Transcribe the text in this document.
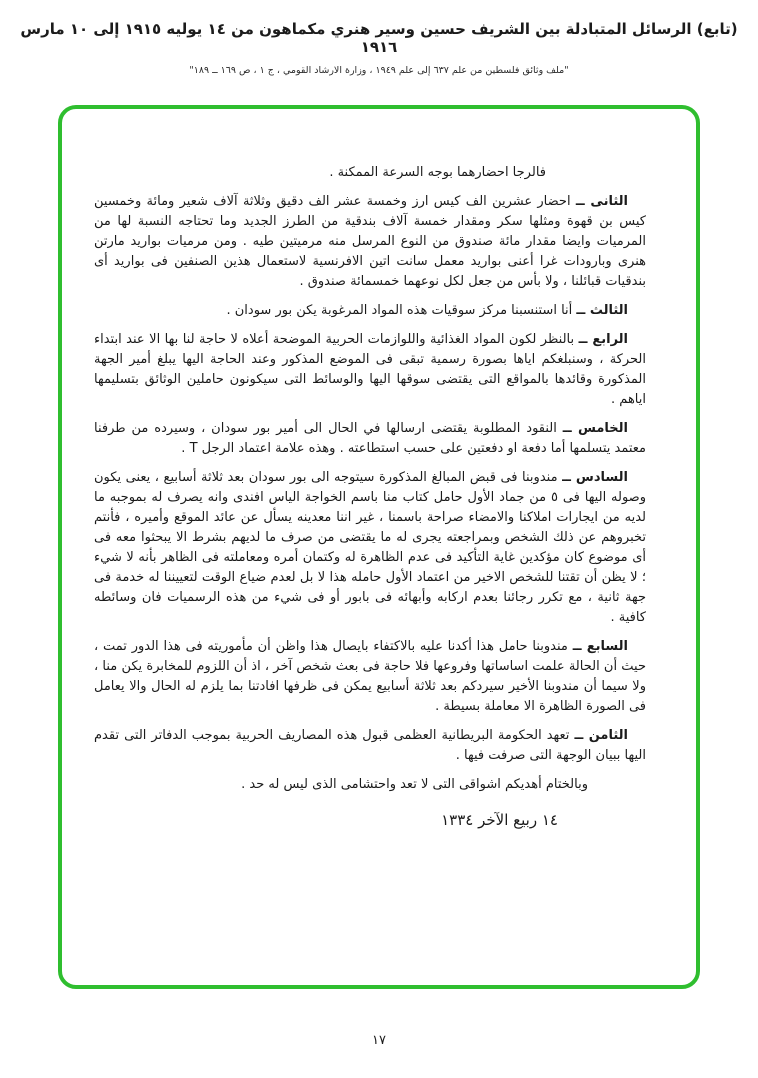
(تابع) الرسائل المتبادلة بين الشريف حسين وسير هنري مكماهون من ١٤ يوليه ١٩١٥ إلى ١٠ مارس ١٩١٦
"ملف وثائق فلسطين من علم ٦٣٧ إلى علم ١٩٤٩ ، وزارة الارشاد القومي ، ج ١ ، ص ١٦٩ ــ ١٨٩"

فالرجا احضارهما بوجه السرعة الممكنة .

الثانى ــ احضار عشرين الف كيس ارز وخمسة عشر الف دقيق وثلاثة آلاف شعير ومائة وخمسين كيس بن قهوة ومثلها سكر ومقدار خمسة آلاف بندقية من الطرز الجديد وما تحتاجه النسبة لها من المرميات وايضا مقدار مائة صندوق من النوع المرسل منه مرميتين طيه . ومن مرميات بواريد مارتن هنرى وبارودات غرا أعنى بواريد معمل سانت اتين الافرنسية لاستعمال هذين الصنفين فى بواريد أى بندقيات قبائلنا ، ولا بأس من جعل لكل نوعهما خمسمائة صندوق .

الثالث ــ أنا استنسبنا مركز سوقيات هذه المواد المرغوبة يكن بور سودان .

الرابع ــ بالنظر لكون المواد الغذائية واللوازمات الحربية الموضحة أعلاه لا حاجة لنا بها الا عند ابتداء الحركة ، وسنبلغكم اياها بصورة رسمية تبقى فى الموضع المذكور وعند الحاجة اليها يبلغ أمير الجهة المذكورة وقائدها بالمواقع التى يقتضى سوقها اليها والوسائط التى سيكونون حاملين الوثائق بتسليمها اياهم .

الخامس ــ النقود المطلوبة يقتضى ارسالها في الحال الى أمير بور سودان ، وسيرده من طرفنا معتمد يتسلمها أما دفعة او دفعتين على حسب استطاعته . وهذه علامة اعتماد الرجل T .

السادس ــ مندوبنا فى قبض المبالغ المذكورة سيتوجه الى بور سودان بعد ثلاثة أسابيع ، يعنى يكون وصوله اليها فى ٥ من جماد الأول حامل كتاب منا باسم الخواجة الياس افندى وانه يصرف له بموجبه ما لديه من ايجارات املاكنا والامضاء صراحة باسمنا ، غير اننا معدينه يسأل عن عائد الموقع وأميره ، فأنتم تخبروهم عن ذلك الشخص وبمراجعته يجرى له ما يقتضى من صرف ما لديهم بشرط الا يبحثوا معه فى أى موضوع كان مؤكدين غاية التأكيد فى عدم الظاهرة له وكتمان أمره ومعاملته فى الظاهر بأنه لا شيء ؛ لا يظن أن تقتنا للشخص الاخير من اعتماد الأول حامله هذا لا بل لعدم ضياع الوقت لتعييننا له خدمة فى جهة ثانية ، مع تكرر رجائنا بعدم اركابه وأبهائه فى بابور أو فى شيء من هذه الرسميات فان وسائطه كافية .

السابع ــ مندوبنا حامل هذا أكدنا عليه بالاكتفاء بايصال هذا واظن أن مأموريته فى هذا الدور تمت ، حيث أن الحالة علمت اساساتها وفروعها فلا حاجة فى بعث شخص آخر ، اذ أن اللزوم للمخابرة يكن منا ، ولا سيما أن مندوبنا الأخير سيردكم بعد ثلاثة أسابيع يمكن فى ظرفها افادتنا بما يلزم له الحال والا يعامل فى الصورة الظاهرة الا معاملة بسيطة .

الثامن ــ تعهد الحكومة البريطانية العظمى قبول هذه المصاريف الحربية بموجب الدفاتر التى تقدم اليها ببيان الوجهة التى صرفت فيها .

وبالختام أهديكم اشواقى التى لا تعد واحتشامى الذى ليس له حد .

١٤ ربيع الآخر ١٣٣٤
١٧
